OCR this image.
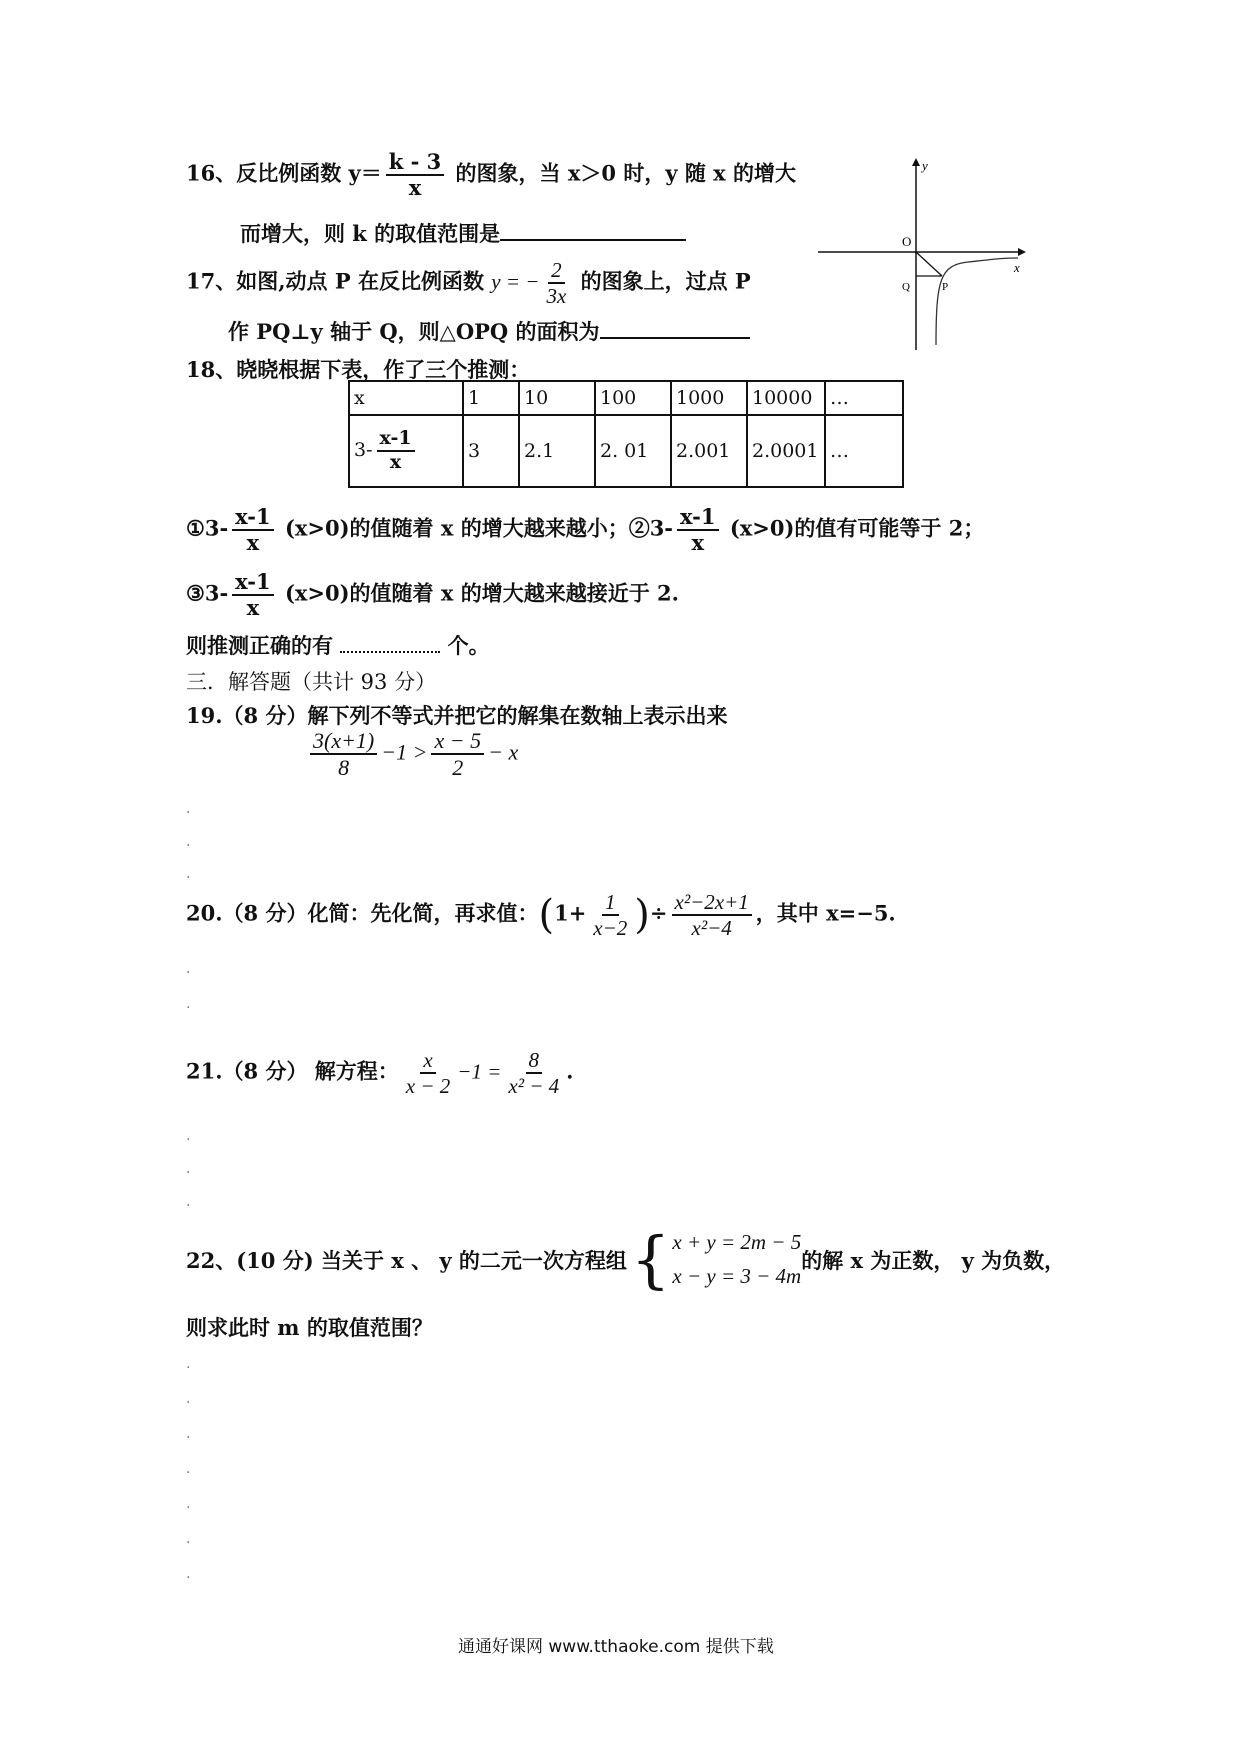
16、反比例函数 $y= \frac{k - 3}{x}$ 的图象，当 x＞0 时，y 随 x 的增大
而增大，则 k 的取值范围是
17、如图,动点 P 在反比例函数 y = − $\frac{2}{3x}$ 的图象上，过点 P
作 PQ⊥y 轴于 Q，则△OPQ 的面积为
y
x
O
Q	P
18、晓晓根据下表，作了三个推测：
x	1	10	100	1000	10000	…
$3- \frac{x-1}{x}$	3	2.1	2. 01	2.001	2.0001	…
①3- $\frac{x-1}{x} (x>0)$的值随着 x 的增大越来越小；②3- $\frac{x-1}{x} (x>0)$的值有可能等于 2；
③3- $\frac{x-1}{x} (x>0)$的值随着 x 的增大越来越接近于 2.
则推测正确的有	个。
三．解答题（共计 93 分）
19.（8 分）解下列不等式并把它的解集在数轴上表示出来
$\frac{3(x+1)}{8} -1 > \frac{x - 5}{2} - x$
20.（8 分）化简：先化简，再求值：($1+ \frac{1}{x-2}$ )÷ $\frac{\text{x²−2x+1}}{\text{x²−4}}$ ，其中 x=−5.
21.（8 分） 解方程： $\frac{x}{x - 2} -1 = \frac{8}{\text{x² − 4}}$ .
22、(10 分) 当关于 x 、 y 的二元一次方程组 { x + y = 2m − 5
x − y = 3 − 4m
的解 x 为正数， y 为负数，
则求此时 m 的取值范围？
·
·
·
·
·
·
·
·
·
·
·
·
·
·
·
通通好课网 www.tthaoke.com 提供下载
